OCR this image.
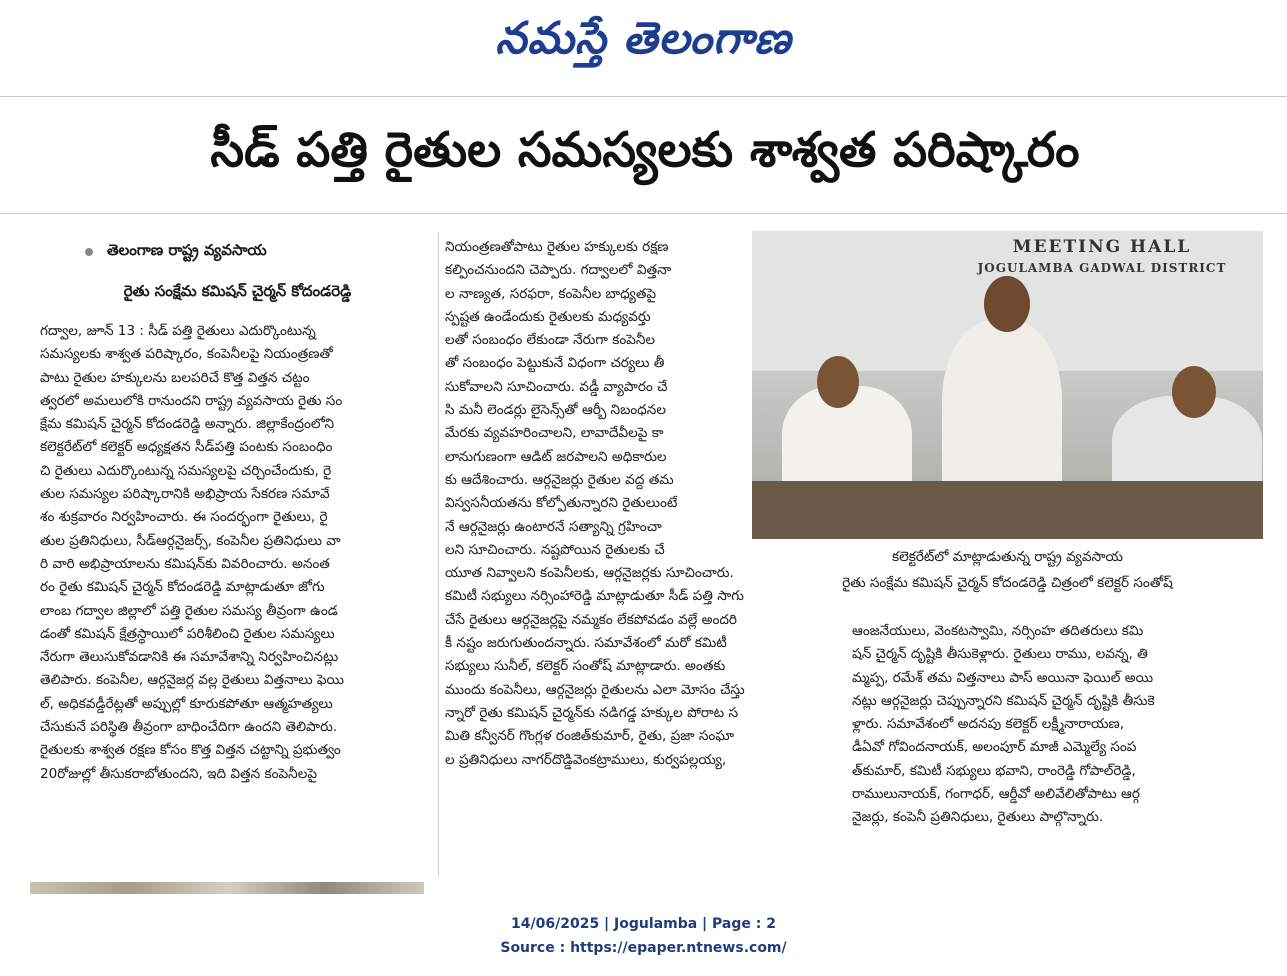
నమస్తే తెలంగాణ
సీడ్ పత్తి రైతుల సమస్యలకు శాశ్వత పరిష్కారం
తెలంగాణ రాష్ట్ర వ్యవసాయ
రైతు సంక్షేమ కమిషన్ చైర్మన్ కోదండరెడ్డి

గద్వాల, జూన్ 13 : సీడ్ పత్తి రైతులు ఎదుర్కొంటున్న

సమస్యలకు శాశ్వత పరిష్కారం, కంపెనీలపై నియంత్రణతో

పాటు రైతుల హక్కులను బలపరిచే కొత్త విత్తన చట్టం

త్వరలో అమలులోకి రానుందని రాష్ట్ర వ్యవసాయ రైతు సం

క్షేమ కమిషన్ చైర్మన్ కోదండరెడ్డి అన్నారు. జిల్లాకేంద్రంలోని

కలెక్టరేట్‌లో కలెక్టర్ అధ్యక్షతన సీడ్‌పత్తి పంటకు సంబంధిం

చి రైతులు ఎదుర్కొంటున్న సమస్యలపై చర్చించేందుకు, రై

తుల సమస్యల పరిష్కారానికి అభిప్రాయ సేకరణ సమావే

శం శుక్రవారం నిర్వహించారు. ఈ సందర్భంగా రైతులు, రై

తుల ప్రతినిధులు, సీడ్‌ఆర్గనైజర్స్, కంపెనీల ప్రతినిధులు వా

రి వారి అభిప్రాయాలను కమిషన్‌కు వివరించారు. అనంత

రం రైతు కమిషన్ చైర్మన్ కోదండరెడ్డి మాట్లాడుతూ జోగు

లాంబ గద్వాల జిల్లాలో పత్తి రైతుల సమస్య తీవ్రంగా ఉండ

డంతో కమిషన్ క్షేత్రస్థాయిలో పరిశీలించి రైతుల సమస్యలు

నేరుగా తెలుసుకోవడానికి ఈ సమావేశాన్ని నిర్వహించినట్లు

తెలిపారు. కంపెనీల, ఆర్గనైజర్ల వల్ల రైతులు విత్తనాలు ఫెయి

ల్, అధికవడ్డీరేట్లతో అప్పుల్లో కూరుకపోతూ ఆత్మహత్యలు

చేసుకునే పరిస్థితి తీవ్రంగా బాధించేదిగా ఉందని తెలిపారు.

రైతులకు శాశ్వత రక్షణ కోసం కొత్త విత్తన చట్టాన్ని ప్రభుత్వం

20రోజుల్లో తీసుకరాబోతుందని, ఇది విత్తన కంపెనీలపై

నియంత్రణతోపాటు రైతుల హక్కులకు రక్షణ

కల్పించనుందని చెప్పారు. గద్వాలలో విత్తనా

ల నాణ్యత, సరఫరా, కంపెనీల బాధ్యతపై

స్పష్టత ఉండేందుకు రైతులకు మధ్యవర్తు

లతో సంబంధం లేకుండా నేరుగా కంపెనీల

తో సంబంధం పెట్టుకునే విధంగా చర్యలు తీ

సుకోవాలని సూచించారు. వడ్డీ వ్యాపారం చే

సి మనీ లెండర్లు లైసెన్స్‌తో ఆర్బీ నిబంధనల

మేరకు వ్యవహరించాలని, లావాదేవీలపై కా

లానుగుణంగా ఆడిట్ జరపాలని అధికారుల

కు ఆదేశించారు. ఆర్గనైజర్లు రైతుల వద్ద తమ

విస్వసనీయతను కోల్పోతున్నారని రైతులుంటే

నే ఆర్గనైజర్లు ఉంటారనే సత్యాన్ని గ్రహించా

లని సూచించారు. నష్టపోయిన రైతులకు చే

యూత నివ్వాలని కంపెనీలకు, ఆర్గనైజర్లకు సూచించారు.

కమిటీ సభ్యులు నర్సింహారెడ్డి మాట్లాడుతూ సీడ్ పత్తి సాగు

చేసే రైతులు ఆర్గనైజర్లపై నమ్మకం లేకపోవడం వల్లే అందరి

కీ నష్టం జరుగుతుందన్నారు. సమావేశంలో మరో కమిటీ

సభ్యులు సునీల్, కలెక్టర్ సంతోష్ మాట్లాడారు. అంతకు

ముందు కంపెనీలు, ఆర్గనైజర్లు రైతులను ఎలా మోసం చేస్తు

న్నారో రైతు కమిషన్ చైర్మన్‌కు నడిగడ్డ హక్కుల పోరాట స

మితి కన్వీనర్ గొంగ్లళ రంజిత్‌కుమార్, రైతు, ప్రజా సంఘా

ల ప్రతినిధులు నాగర్‌దొడ్డివెంకట్రాములు, కుర్వపల్లయ్య,

MEETING HALL
JOGULAMBA GADWAL DISTRICT
కలెక్టరేట్‌లో మాట్లాడుతున్న రాష్ట్ర వ్యవసాయ
రైతు సంక్షేమ కమిషన్ చైర్మన్ కోదండరెడ్డి చిత్రంలో కలెక్టర్ సంతోష్

ఆంజనేయులు, వెంకటస్వామి, నర్సింహ తదితరులు కమి

షన్ చైర్మన్ దృష్టికి తీసుకెళ్లారు. రైతులు రాము, లవన్న, తి

మ్మప్ప, రమేశ్ తమ విత్తనాలు పాస్ అయినా ఫెయిల్ అయి

నట్లు ఆర్గనైజర్లు చెప్పున్నారని కమిషన్ చైర్మన్ దృష్టికి తీసుకె

ళ్లారు. సమావేశంలో అదనపు కలెక్టర్ లక్ష్మీనారాయణ,

డీఏవో గోవిందనాయక్, అలంపూర్ మాజీ ఎమ్మెల్యే సంప

త్‌కుమార్, కమిటీ సభ్యులు భవాని, రాంరెడ్డి గోపాల్‌రెడ్డి,

రాములునాయక్, గంగాధర్, ఆర్డీవో అలివేలితోపాటు ఆర్గ

నైజర్లు, కంపెనీ ప్రతినిధులు, రైతులు పాల్గొన్నారు.

14/06/2025 | Jogulamba | Page : 2
Source : https://epaper.ntnews.com/
